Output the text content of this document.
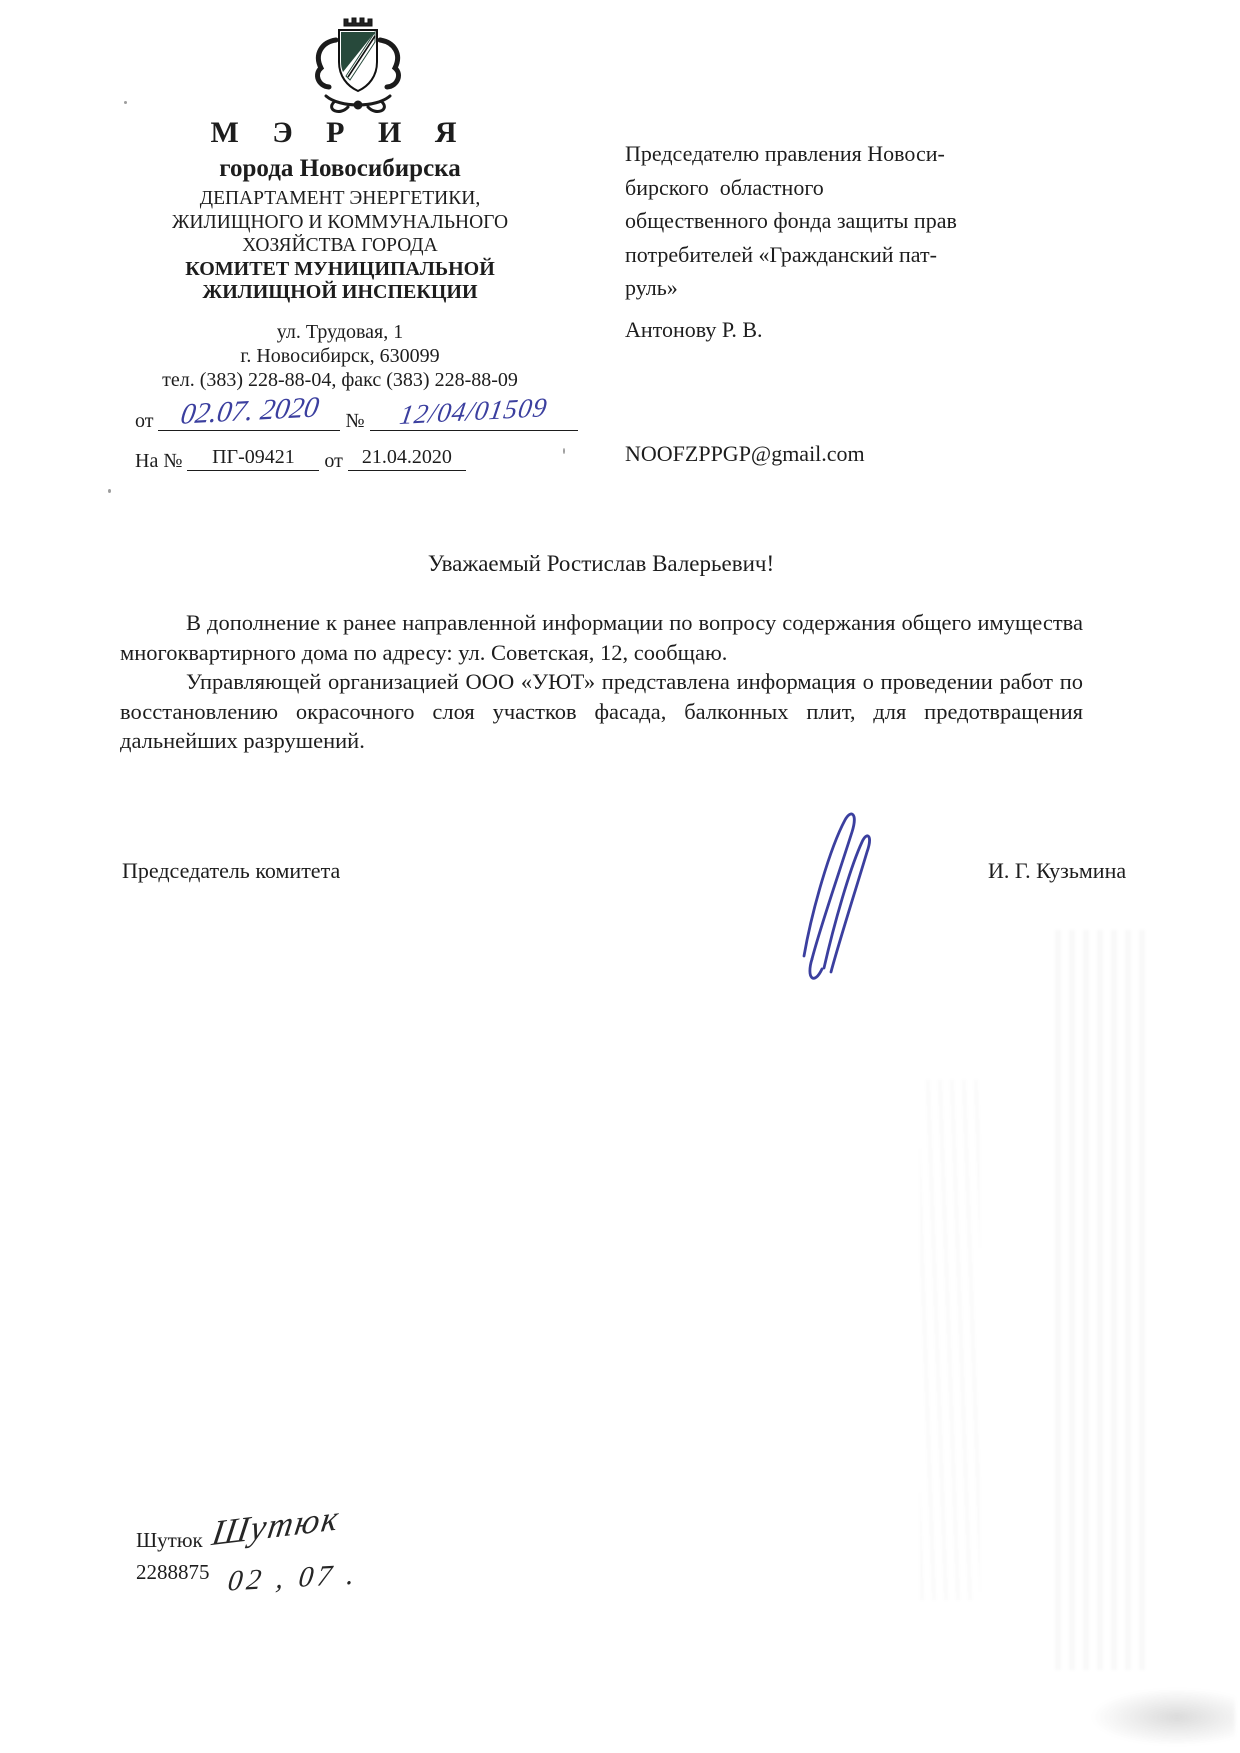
М Э Р И Я
города Новосибирска
ДЕПАРТАМЕНТ ЭНЕРГЕТИКИ,
ЖИЛИЩНОГО И КОММУНАЛЬНОГО
ХОЗЯЙСТВА ГОРОДА
КОМИТЕТ МУНИЦИПАЛЬНОЙ
ЖИЛИЩНОЙ ИНСПЕКЦИИ
ул. Трудовая, 1
г. Новосибирск, 630099
тел. (383) 228-88-04, факс (383) 228-88-09
от 02.07. 2020 № 12/04/01509
На № ПГ-09421 от 21.04.2020
Председателю правления Новоси-
бирского  областного
общественного фонда защиты прав
потребителей «Гражданский пат-
руль»
Антонову Р. В.
NOOFZPPGP@gmail.com
Уважаемый Ростислав Валерьевич!

В дополнение к ранее направленной информации по вопросу содержания общего имущества многоквартирного дома по адресу: ул. Советская, 12, сообщаю.

Управляющей организацией ООО «УЮТ» представлена информация о проведении работ по восстановлению окрасочного слоя участков фасада, балконных плит, для предотвращения дальнейших разрушений.

Председатель комитета	И. Г. Кузьмина
Шутюк
2288875
Шутюк
02 , 07 .
